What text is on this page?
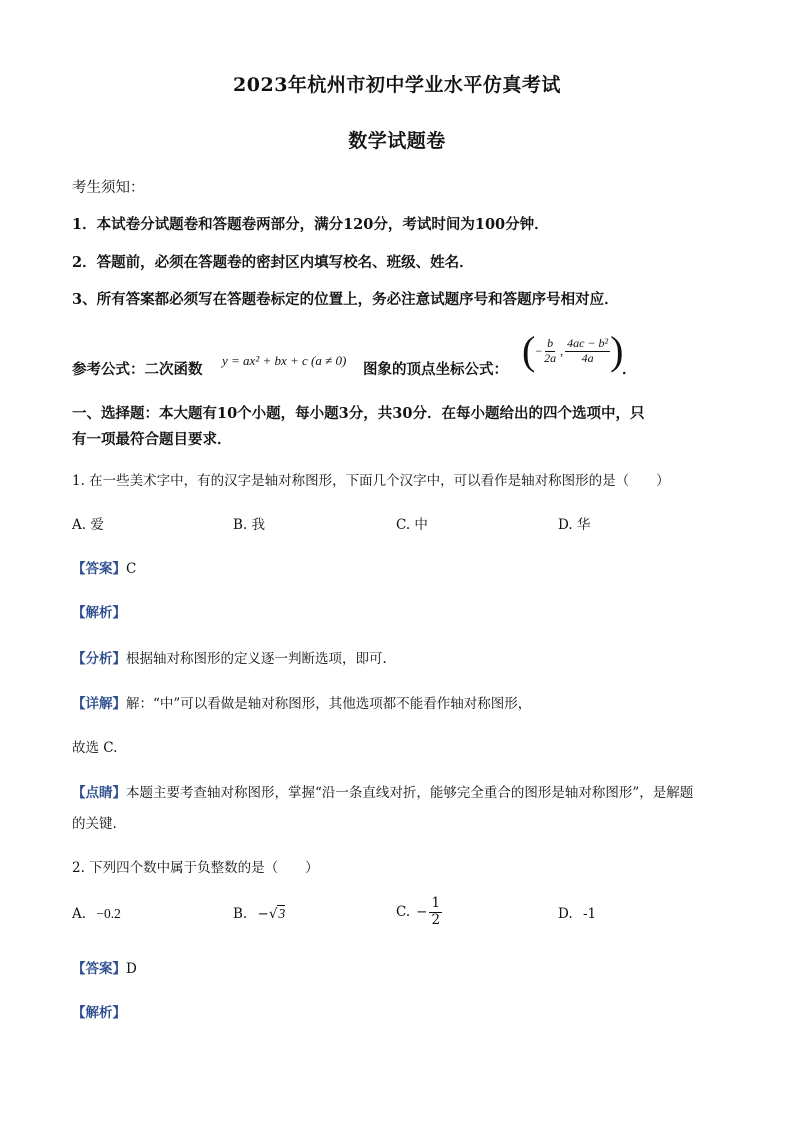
2023年杭州市初中学业水平仿真考试
数学试题卷
考生须知：
1．本试卷分试题卷和答题卷两部分，满分120分，考试时间为100分钟．
2．答题前，必须在答题卷的密封区内填写校名、班级、姓名．
3、所有答案都必须写在答题卷标定的位置上，务必注意试题序号和答题序号相对应．
参考公式：二次函数
y = ax² + bx + c (a ≠ 0)
图象的顶点坐标公式： ( − $\frac{b}{2a}$ , $\frac{\text{4ac − b²}}{4a}$ )
．
一、选择题：本大题有10个小题，每小题3分，共30分．在每小题给出的四个选项中，只
有一项最符合题目要求．
1. 在一些美术字中，有的汉字是轴对称图形，下面几个汉字中，可以看作是轴对称图形的是（　　）
A. 爱	B. 我	C. 中	D. 华
【答案】C
【解析】
【分析】根据轴对称图形的定义逐一判断选项，即可.
【详解】解：“中”可以看做是轴对称图形，其他选项都不能看作轴对称图形，
故选 C.
【点睛】本题主要考查轴对称图形，掌握“沿一条直线对折，能够完全重合的图形是轴对称图形”，是解题
的关键.
2. 下列四个数中属于负整数的是（　　）
A. −0.2	B. −√3	C. − $\frac{1}{2}$	D. -1
【答案】D
【解析】
